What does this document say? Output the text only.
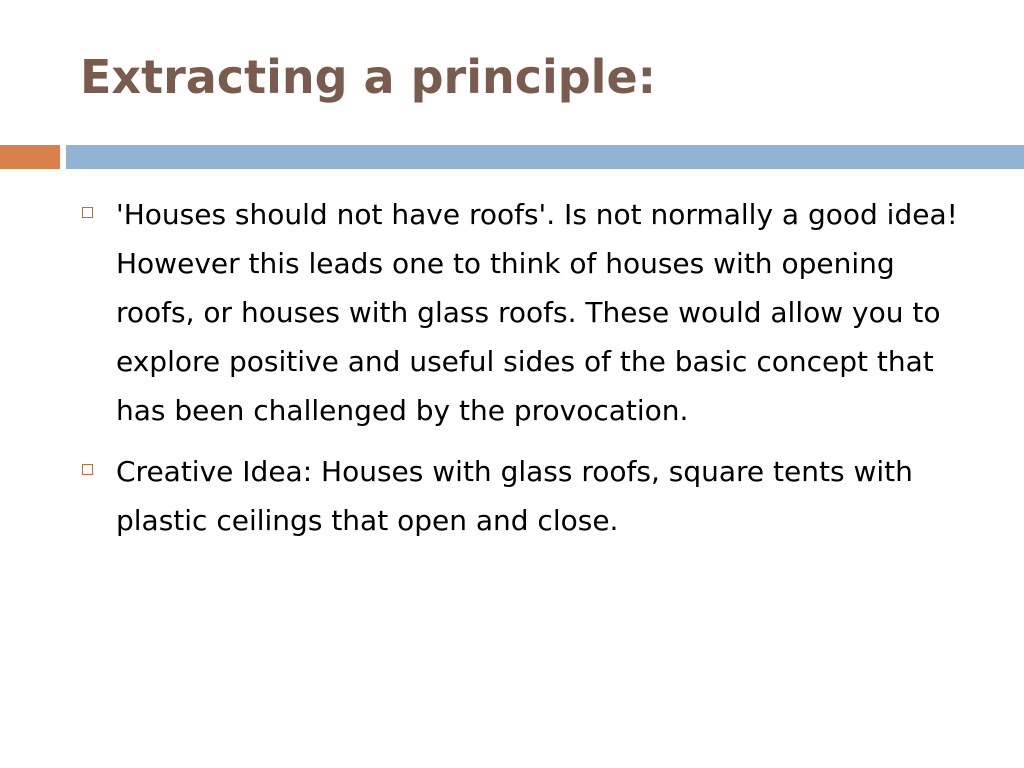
Extracting a principle:
'Houses should not have roofs'. Is not normally a good idea! However this leads one to think of houses with opening roofs, or houses with glass roofs. These would allow you to explore positive and useful sides of the basic concept that has been challenged by the provocation.
Creative Idea: Houses with glass roofs, square tents with plastic ceilings that open and close.
